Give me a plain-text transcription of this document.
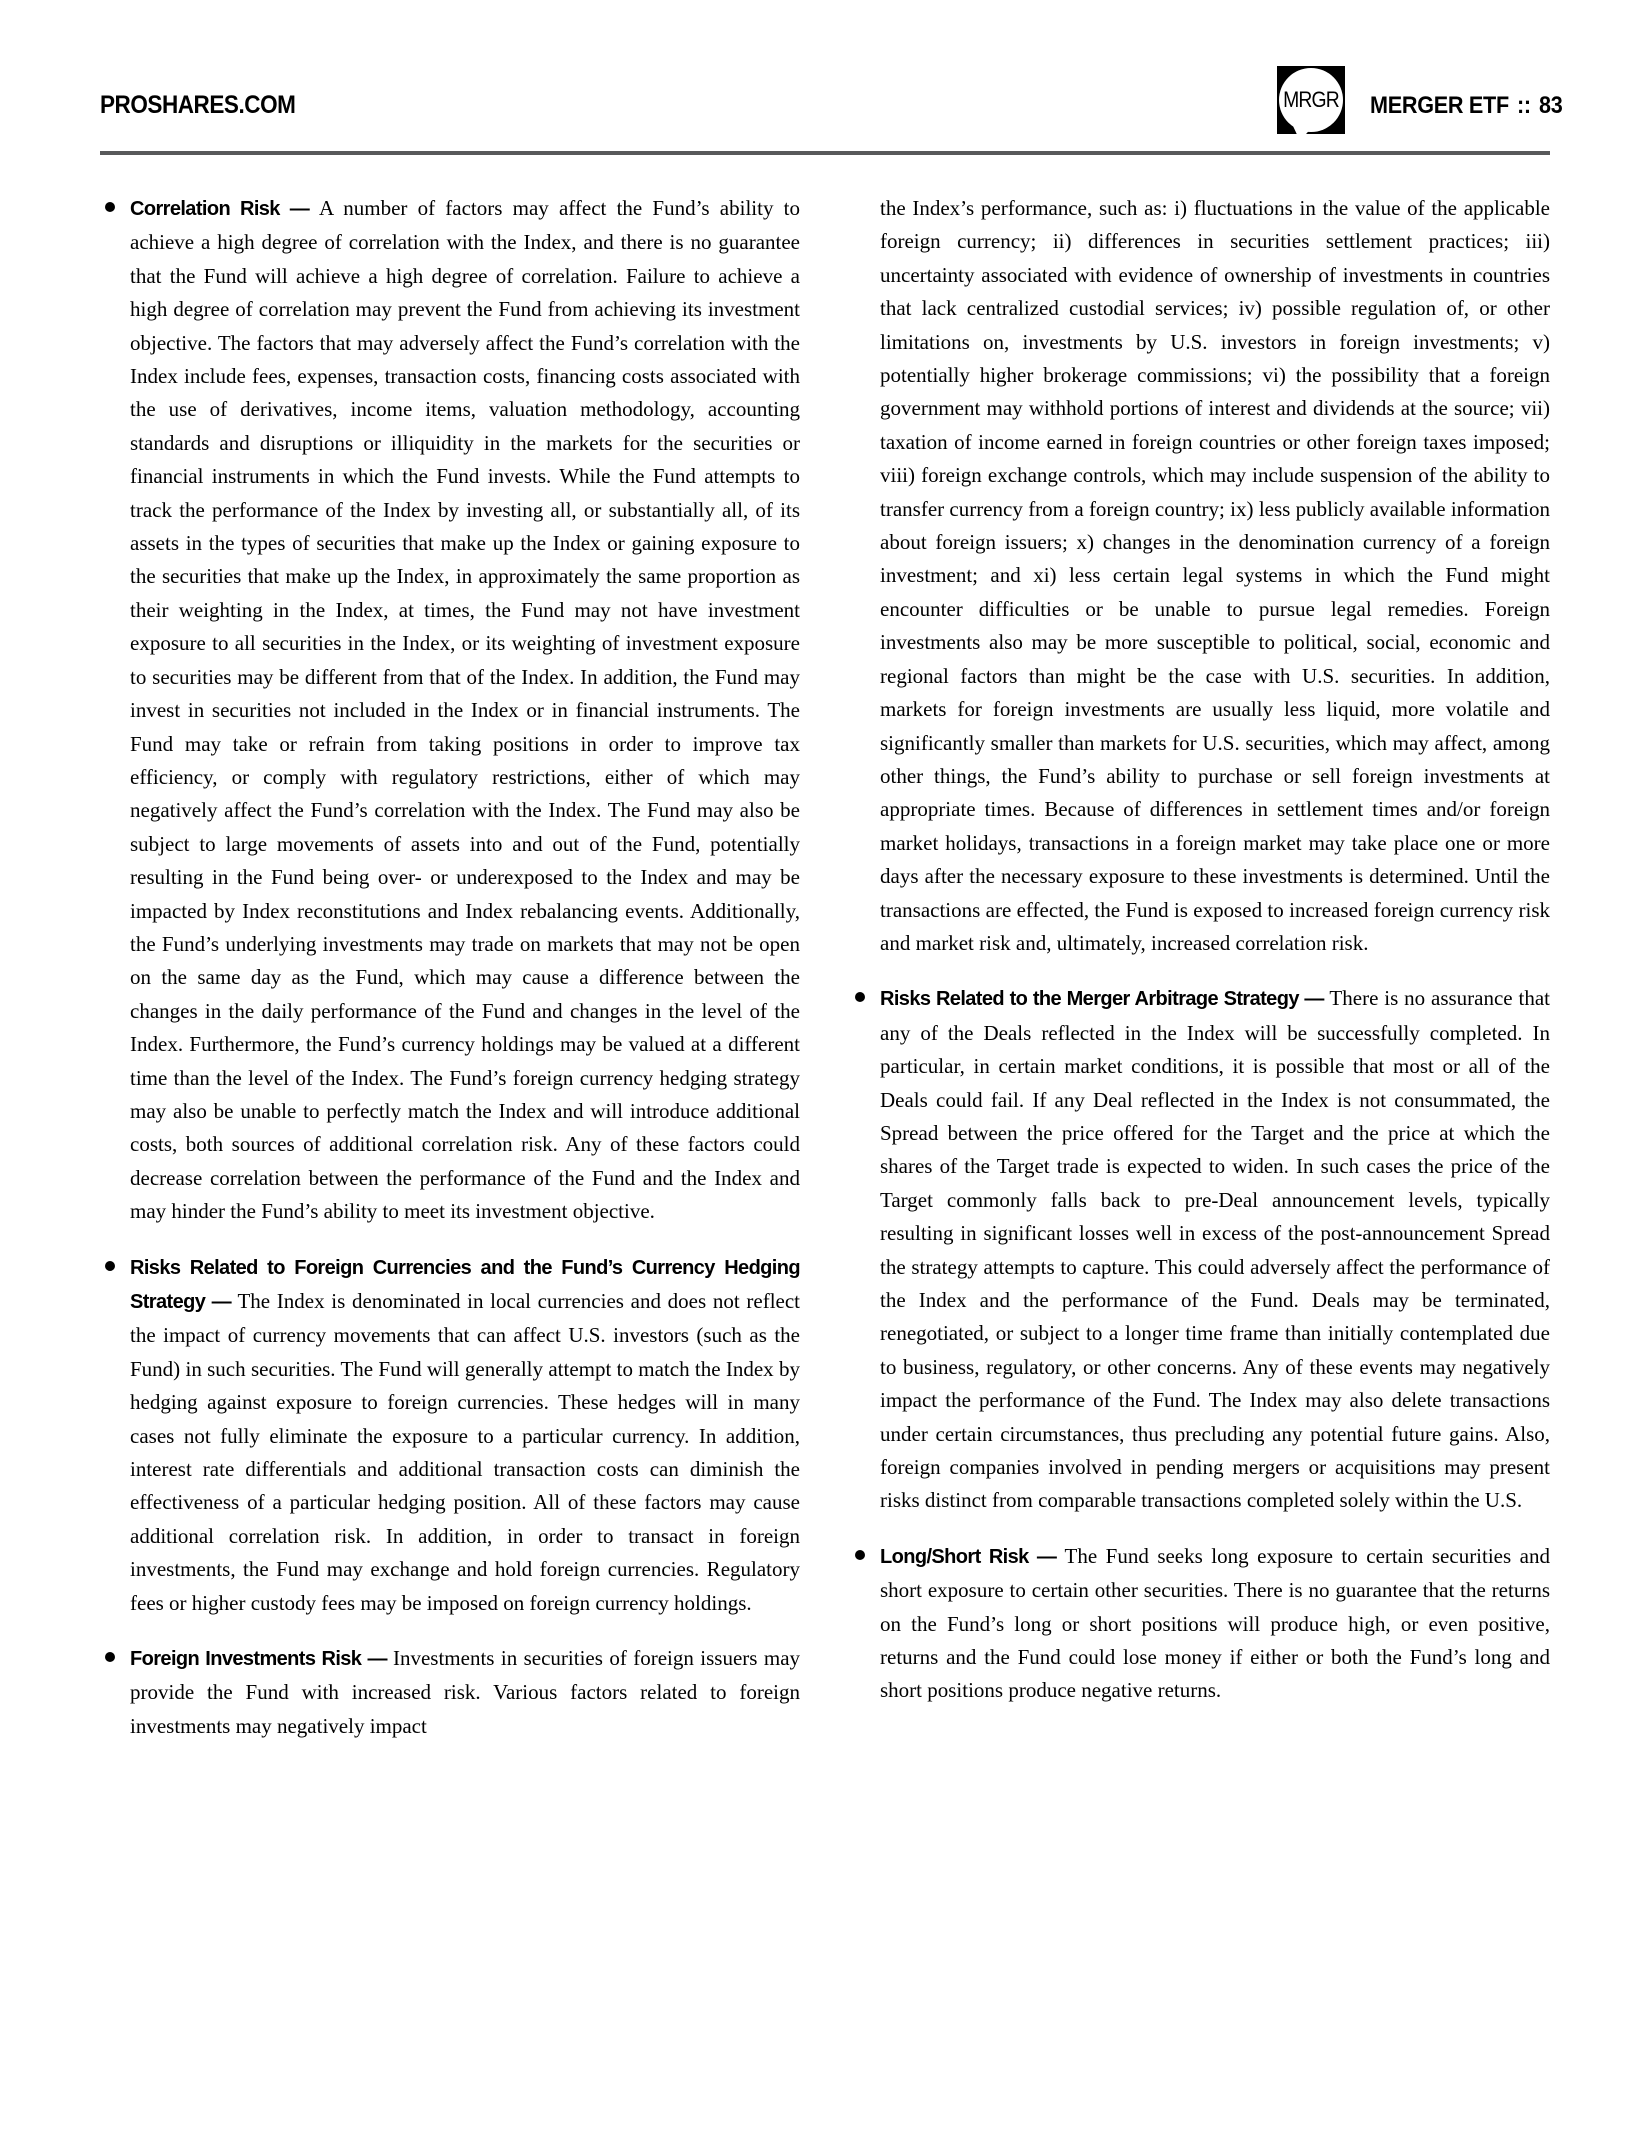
PROSHARES.COM	MRGR MERGER ETF :: 83

Correlation Risk — A number of factors may affect the Fund’s ability to achieve a high degree of correlation with the Index, and there is no guarantee that the Fund will achieve a high degree of correlation. Failure to achieve a high degree of correlation may prevent the Fund from achieving its investment objective. The factors that may adversely affect the Fund’s correlation with the Index include fees, expenses, transaction costs, financing costs associated with the use of derivatives, income items, valuation methodology, accounting standards and disruptions or illiquidity in the markets for the securities or financial instruments in which the Fund invests. While the Fund attempts to track the performance of the Index by investing all, or substantially all, of its assets in the types of securities that make up the Index or gaining exposure to the securities that make up the Index, in approximately the same proportion as their weighting in the Index, at times, the Fund may not have investment exposure to all securities in the Index, or its weighting of investment exposure to securities may be different from that of the Index. In addition, the Fund may invest in securities not included in the Index or in financial instruments. The Fund may take or refrain from taking positions in order to improve tax efficiency, or comply with regulatory restrictions, either of which may negatively affect the Fund’s correlation with the Index. The Fund may also be subject to large movements of assets into and out of the Fund, potentially resulting in the Fund being over- or underexposed to the Index and may be impacted by Index reconstitutions and Index rebalancing events. Additionally, the Fund’s underlying investments may trade on markets that may not be open on the same day as the Fund, which may cause a difference between the changes in the daily performance of the Fund and changes in the level of the Index. Furthermore, the Fund’s currency holdings may be valued at a different time than the level of the Index. The Fund’s foreign currency hedging strategy may also be unable to perfectly match the Index and will introduce additional costs, both sources of additional correlation risk. Any of these factors could decrease correlation between the performance of the Fund and the Index and may hinder the Fund’s ability to meet its investment objective.

Risks Related to Foreign Currencies and the Fund’s Currency Hedging Strategy — The Index is denominated in local currencies and does not reflect the impact of currency movements that can affect U.S. investors (such as the Fund) in such securities. The Fund will generally attempt to match the Index by hedging against exposure to foreign currencies. These hedges will in many cases not fully eliminate the exposure to a particular currency. In addition, interest rate differentials and additional transaction costs can diminish the effectiveness of a particular hedging position. All of these factors may cause additional correlation risk. In addition, in order to transact in foreign investments, the Fund may exchange and hold foreign currencies. Regulatory fees or higher custody fees may be imposed on foreign currency holdings.

Foreign Investments Risk — Investments in securities of foreign issuers may provide the Fund with increased risk. Various factors related to foreign investments may negatively impact

the Index’s performance, such as: i) fluctuations in the value of the applicable foreign currency; ii) differences in securities settlement practices; iii) uncertainty associated with evidence of ownership of investments in countries that lack centralized custodial services; iv) possible regulation of, or other limitations on, investments by U.S. investors in foreign investments; v) potentially higher brokerage commissions; vi) the possibility that a foreign government may withhold portions of interest and dividends at the source; vii) taxation of income earned in foreign countries or other foreign taxes imposed; viii) foreign exchange controls, which may include suspension of the ability to transfer currency from a foreign country; ix) less publicly available information about foreign issuers; x) changes in the denomination currency of a foreign investment; and xi) less certain legal systems in which the Fund might encounter difficulties or be unable to pursue legal remedies. Foreign investments also may be more susceptible to political, social, economic and regional factors than might be the case with U.S. securities. In addition, markets for foreign investments are usually less liquid, more volatile and significantly smaller than markets for U.S. securities, which may affect, among other things, the Fund’s ability to purchase or sell foreign investments at appropriate times. Because of differences in settlement times and/or foreign market holidays, transactions in a foreign market may take place one or more days after the necessary exposure to these investments is determined. Until the transactions are effected, the Fund is exposed to increased foreign currency risk and market risk and, ultimately, increased correlation risk.

Risks Related to the Merger Arbitrage Strategy — There is no assurance that any of the Deals reflected in the Index will be successfully completed. In particular, in certain market conditions, it is possible that most or all of the Deals could fail. If any Deal reflected in the Index is not consummated, the Spread between the price offered for the Target and the price at which the shares of the Target trade is expected to widen. In such cases the price of the Target commonly falls back to pre-Deal announcement levels, typically resulting in significant losses well in excess of the post-announcement Spread the strategy attempts to capture. This could adversely affect the performance of the Index and the performance of the Fund. Deals may be terminated, renegotiated, or subject to a longer time frame than initially contemplated due to business, regulatory, or other concerns. Any of these events may negatively impact the performance of the Fund. The Index may also delete transactions under certain circumstances, thus precluding any potential future gains. Also, foreign companies involved in pending mergers or acquisitions may present risks distinct from comparable transactions completed solely within the U.S.

Long/Short Risk — The Fund seeks long exposure to certain securities and short exposure to certain other securities. There is no guarantee that the returns on the Fund’s long or short positions will produce high, or even positive, returns and the Fund could lose money if either or both the Fund’s long and short positions produce negative returns.
